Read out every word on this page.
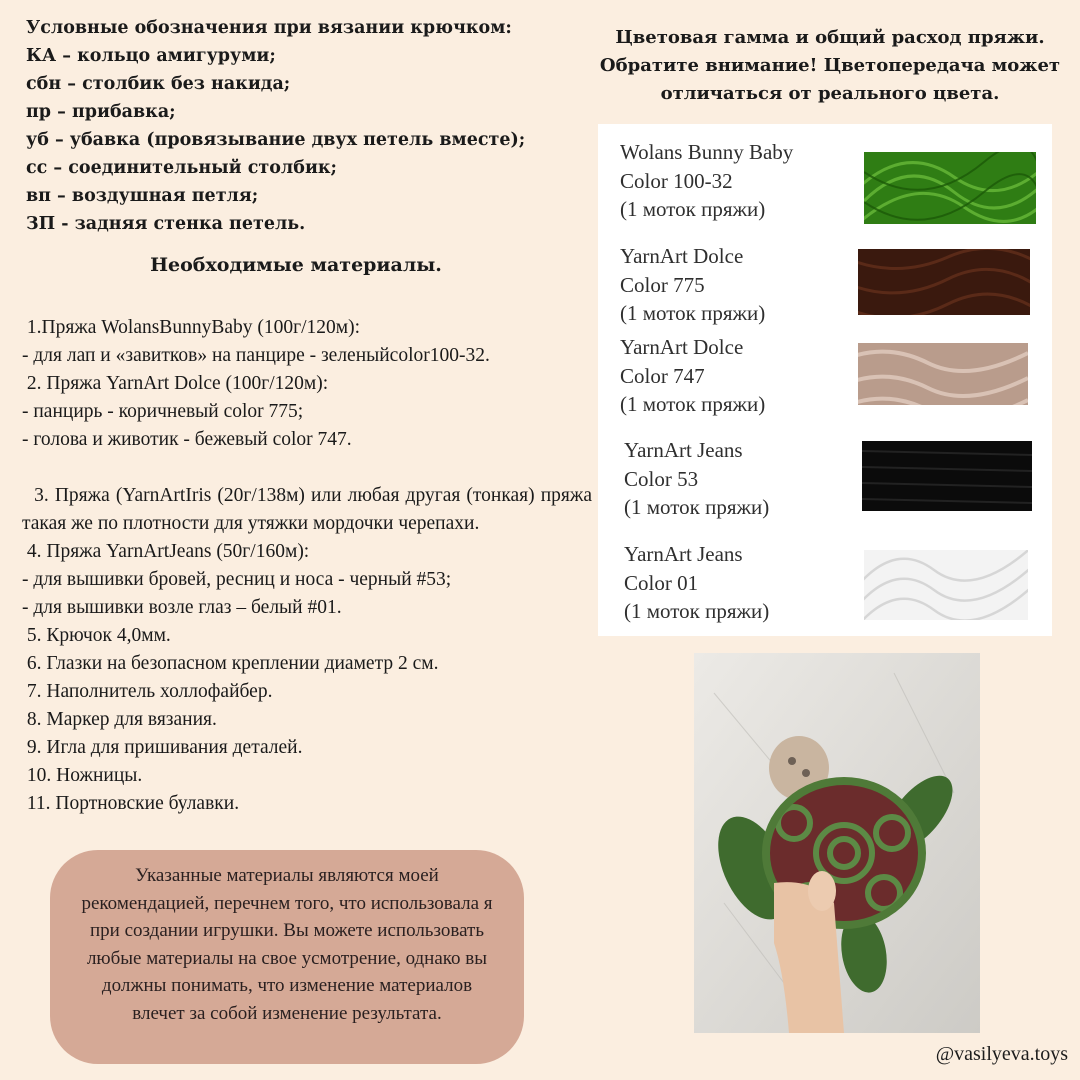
Условные обозначения при вязании крючком:
КА – кольцо амигуруми;
сбн – столбик без накида;
пр – прибавка;
уб – убавка (провязывание двух петель вместе);
сс – соединительный столбик;
вп – воздушная петля;
ЗП - задняя стенка петель.
Необходимые материалы.
1.Пряжа WolansBunnyBaby (100г/120м):
- для лап и «завитков» на панцире - зеленыйcolor100-32.
2. Пряжа YarnArt Dolce (100г/120м):
- панцирь - коричневый color 775;
- голова и животик - бежевый color 747.
3. Пряжа (YarnArtIris (20г/138м) или любая другая (тонкая) пряжа такая же по плотности для утяжки мордочки черепахи.
4. Пряжа YarnArtJeans (50г/160м):
- для вышивки бровей, ресниц и носа - черный #53;
- для вышивки возле глаз – белый #01.
5. Крючок 4,0мм.
6. Глазки на безопасном креплении диаметр 2 см.
7. Наполнитель холлофайбер.
8. Маркер для вязания.
9. Игла для пришивания деталей.
10. Ножницы.
11. Портновские булавки.
Указанные материалы являются моей рекомендацией, перечнем того, что использовала я при создании игрушки. Вы можете использовать любые материалы на свое усмотрение, однако вы должны понимать, что изменение материалов влечет за собой изменение результата.
Цветовая гамма и общий расход пряжи.
Обратите внимание! Цветопередача может
отличаться от реального цвета.
Wolans Bunny Baby
Color 100-32
(1 моток пряжи)
YarnArt Dolce
Color 775
(1 моток пряжи)
YarnArt Dolce
Color 747
(1 моток пряжи)
YarnArt Jeans
Color 53
(1 моток пряжи)
YarnArt Jeans
Color 01
(1 моток пряжи)
@vasilyeva.toys
